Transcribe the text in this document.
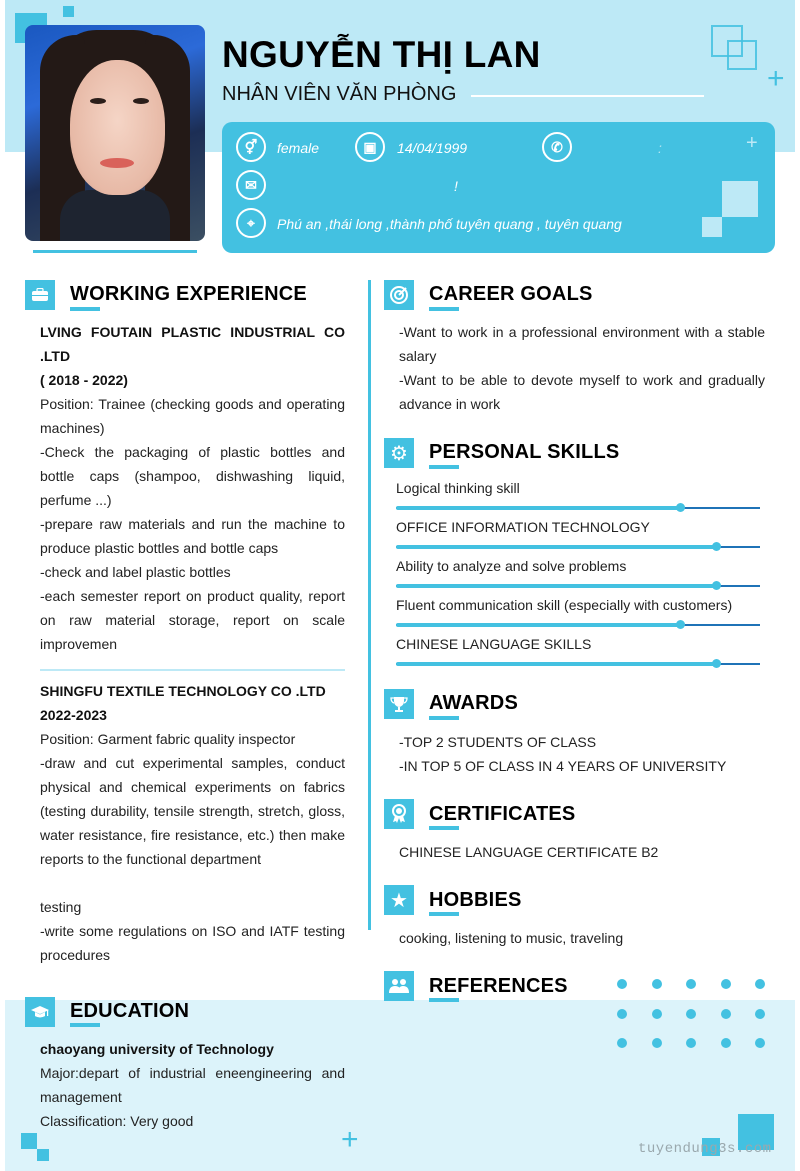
+
NGUYỄN THỊ LAN
NHÂN VIÊN VĂN PHÒNG
⚥	female	▣	14/04/1999	✆	:
✉	!
⌖	Phú an ,thái long ,thành phố tuyên quang , tuyên quang
+
WORKING EXPERIENCE
LVING FOUTAIN PLASTIC INDUSTRIAL CO .LTD
( 2018 - 2022)
Position: Trainee (checking goods and operating machines)
-Check the packaging of plastic bottles and bottle caps (shampoo, dishwashing liquid, perfume ...)
-prepare raw materials and run the machine to produce plastic bottles and bottle caps
-check and label plastic bottles
-each semester report on product quality, report on raw material storage, report on scale improvemen
SHINGFU TEXTILE TECHNOLOGY CO .LTD
2022-2023
Position: Garment fabric quality inspector
-draw and cut experimental samples, conduct physical and chemical experiments on fabrics (testing durability, tensile strength, stretch, gloss, water resistance, fire resistance, etc.) then make reports to the functional department
testing
-write some regulations on ISO and IATF testing procedures
EDUCATION
chaoyang university of Technology
Major:depart of industrial eneengineering and management
Classification: Very good
+
CAREER GOALS
-Want to work in a professional environment with a stable salary
-Want to be able to devote myself to work and gradually advance in work
⚙	PERSONAL SKILLS
Logical thinking skill
OFFICE INFORMATION TECHNOLOGY
Ability to analyze and solve problems
Fluent communication skill (especially with customers)
CHINESE LANGUAGE SKILLS
AWARDS
-TOP 2 STUDENTS OF CLASS
-IN TOP 5 OF CLASS IN 4 YEARS OF UNIVERSITY
CERTIFICATES
CHINESE LANGUAGE CERTIFICATE B2
★	HOBBIES
cooking, listening to music, traveling
REFERENCES
tuyendung3s.com
